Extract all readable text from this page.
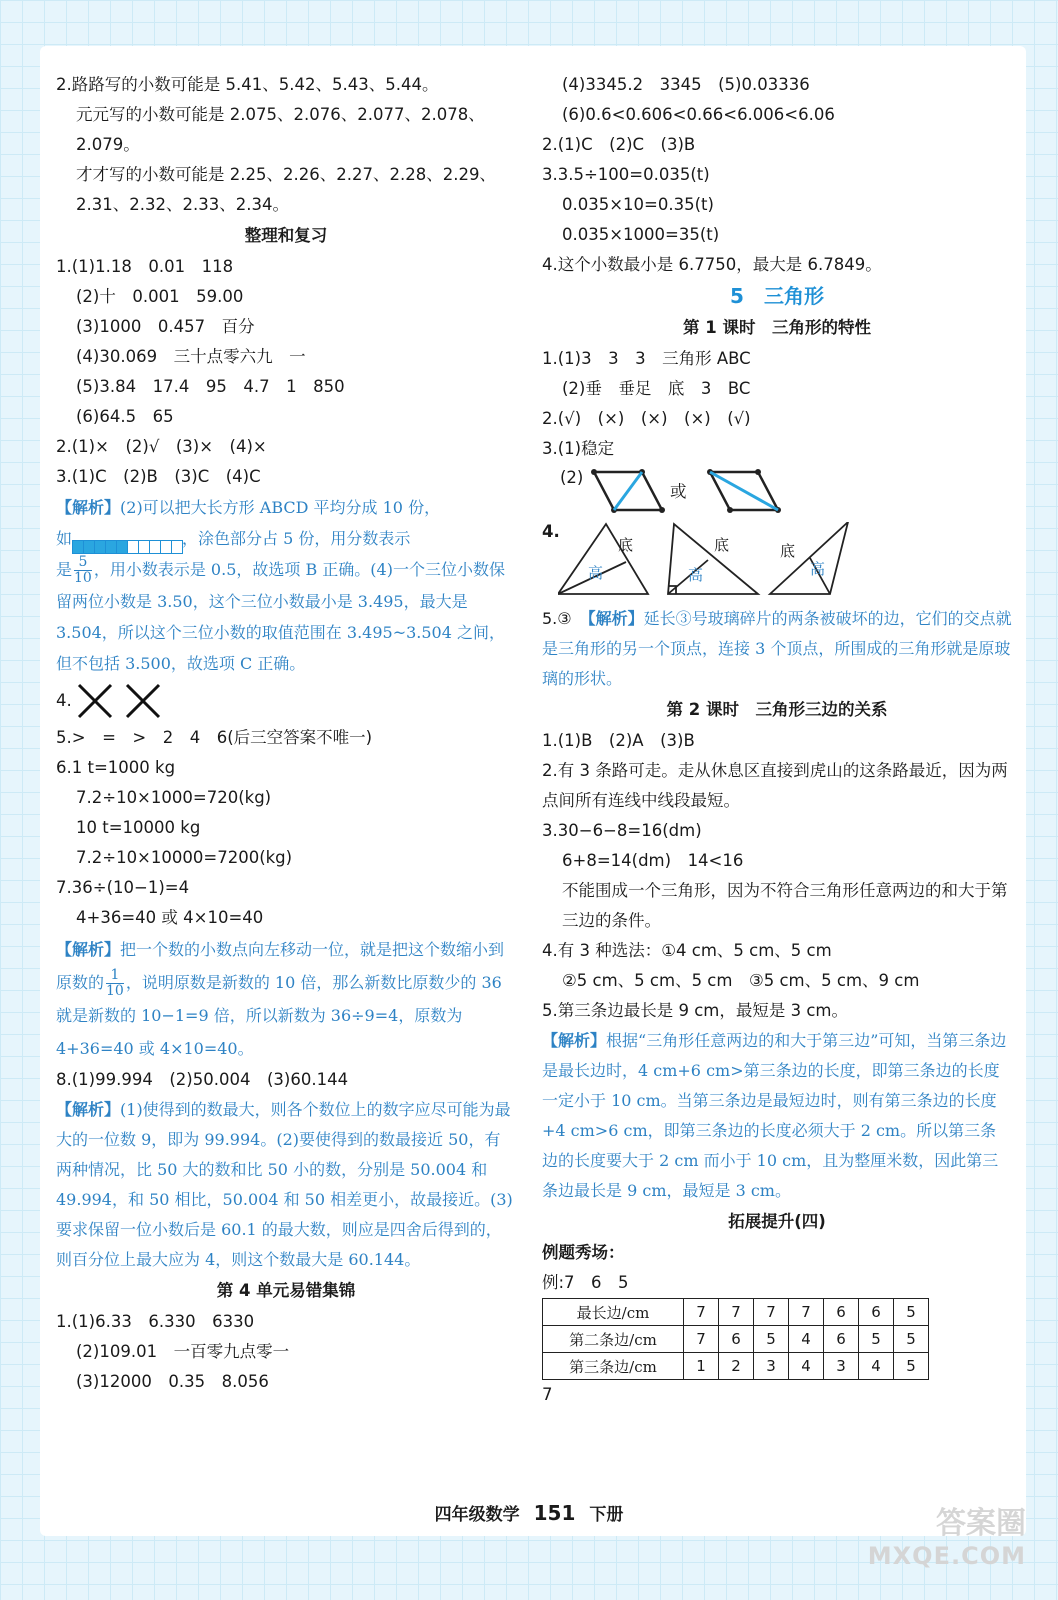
2.路路写的小数可能是 5.41、5.42、5.43、5.44。
元元写的小数可能是 2.075、2.076、2.077、2.078、
2.079。
才才写的小数可能是 2.25、2.26、2.27、2.28、2.29、
2.31、2.32、2.33、2.34。
整理和复习
1.(1)1.18　0.01　118
(2)十　0.001　59.00
(3)1000　0.457　百分
(4)30.069　三十点零六九　一
(5)3.84　17.4　95　4.7　1　850
(6)64.5　65
2.(1)×　(2)√　(3)×　(4)×
3.(1)C　(2)B　(3)C　(4)C
【解析】(2)可以把大长方形 ABCD 平均分成 10 份，
如	，涂色部分占 5 份，用分数表示
是 $\frac{5}{10}$ ，用小数表示是 0.5，故选项 B 正确。(4)一个三位小数保留两位小数是 3.50，这个三位小数最小是 3.495，最大是 3.504，所以这个三位小数的取值范围在 3.495~3.504 之间，但不包括 3.500，故选项 C 正确。
4.
5.>　=　>　2　4　6(后三空答案不唯一)
6.1 t=1000 kg
7.2÷10×1000=720(kg)
10 t=10000 kg
7.2÷10×10000=7200(kg)
7.36÷(10−1)=4
4+36=40 或 4×10=40
【解析】把一个数的小数点向左移动一位，就是把这个数缩小到原数的 $\frac{1}{10}$ ，说明原数是新数的 10 倍，那么新数比原数少的 36 就是新数的 10−1=9 倍，所以新数为 36÷9=4，原数为 4+36=40 或 4×10=40。
8.(1)99.994　(2)50.004　(3)60.144
【解析】(1)使得到的数最大，则各个数位上的数字应尽可能为最大的一位数 9，即为 99.994。(2)要使得到的数最接近 50，有两种情况，比 50 大的数和比 50 小的数，分别是 50.004 和 49.994，和 50 相比，50.004 和 50 相差更小，故最接近。(3)要求保留一位小数后是 60.1 的最大数，则应是四舍后得到的，则百分位上最大应为 4，则这个数最大是 60.144。
第 4 单元易错集锦
1.(1)6.33　6.330　6330
(2)109.01　一百零九点零一
(3)12000　0.35　8.056
(4)3345.2　3345　(5)0.03336
(6)0.6<0.606<0.66<6.006<6.06
2.(1)C　(2)C　(3)B
3.3.5÷100=0.035(t)
0.035×10=0.35(t)
0.035×1000=35(t)
4.这个小数最小是 6.7750，最大是 6.7849。
5　三角形
第 1 课时　三角形的特性
1.(1)3　3　3　三角形 ABC
(2)垂　垂足　底　3　BC
2.(√)　(×)　(×)　(×)　(√)
3.(1)稳定
(2)
或
4.
底
高
底
高
底
高
5.③　 【解析】延长③号玻璃碎片的两条被破坏的边，它们的交点就是三角形的另一个顶点，连接 3 个顶点，所围成的三角形就是原玻璃的形状。
第 2 课时　三角形三边的关系
1.(1)B　(2)A　(3)B
2.有 3 条路可走。走从休息区直接到虎山的这条路最近，因为两点间所有连线中线段最短。
3.30−6−8=16(dm)
6+8=14(dm)　14<16
不能围成一个三角形，因为不符合三角形任意两边的和大于第三边的条件。
4.有 3 种选法：①4 cm、5 cm、5 cm
②5 cm、5 cm、5 cm　③5 cm、5 cm、9 cm
5.第三条边最长是 9 cm，最短是 3 cm。
【解析】根据“三角形任意两边的和大于第三边”可知，当第三条边是最长边时，4 cm+6 cm>第三条边的长度，即第三条边的长度一定小于 10 cm。当第三条边是最短边时，则有第三条边的长度+4 cm>6 cm，即第三条边的长度必须大于 2 cm。所以第三条边的长度要大于 2 cm 而小于 10 cm，且为整厘米数，因此第三条边最长是 9 cm，最短是 3 cm。
拓展提升(四)
例题秀场：
例:7　6　5
最长边/cm	7	7	7	7	6	6	5
第二条边/cm	7	6	5	4	6	5	5
第三条边/cm	1	2	3	4	3	4	5
7
四年级数学 151 下册	答案圈
MXQE.COM
